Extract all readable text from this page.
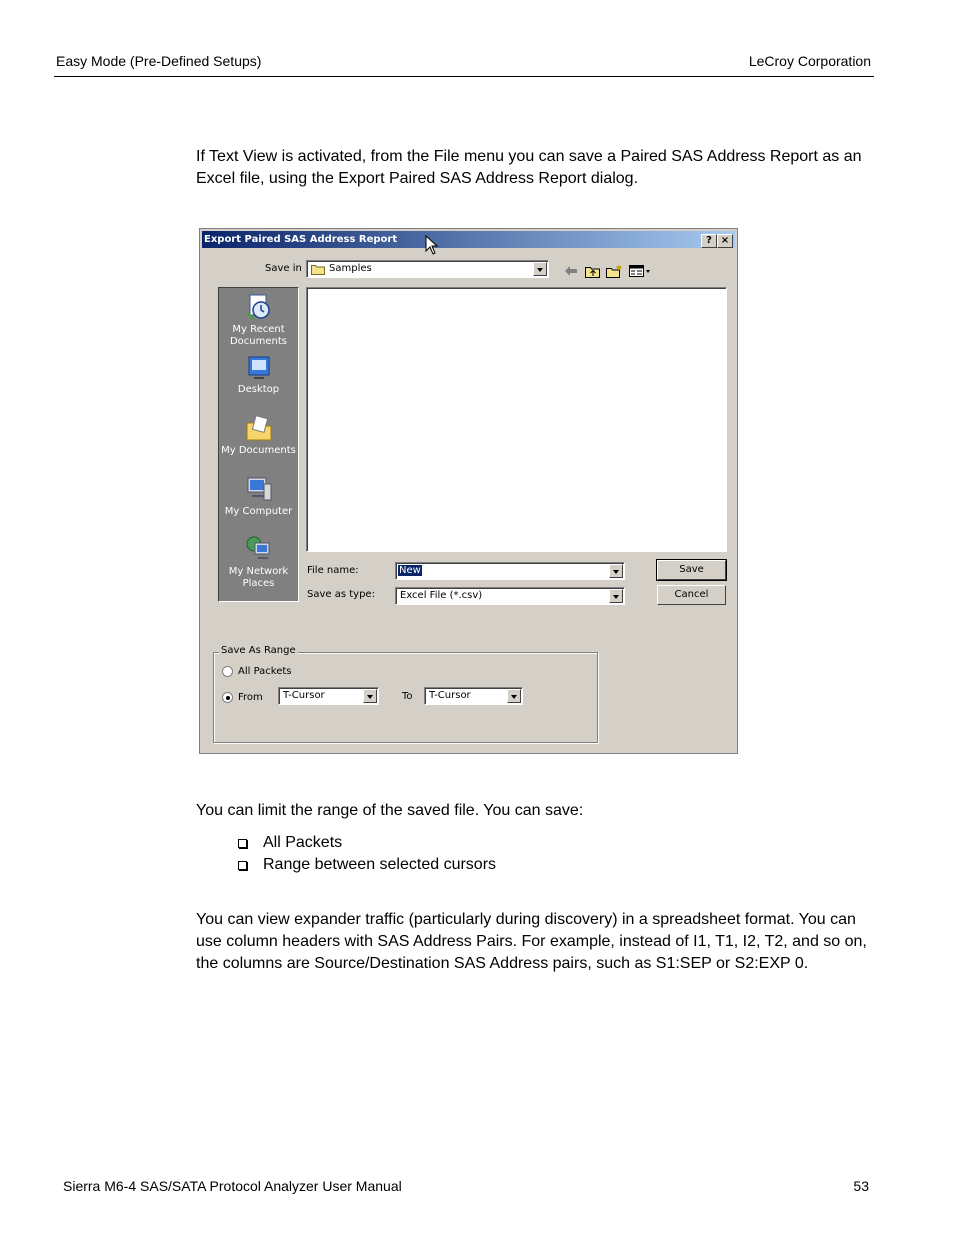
Easy Mode (Pre-Defined Setups)	LeCroy Corporation

If Text View is activated, from the File menu you can save a Paired SAS Address Report as an Excel file, using the Export Paired SAS Address Report dialog.

Export Paired SAS Address Report	? ×
Save in	Samples
My Recent Documents
Desktop
My Documents
My Computer
My Network Places
File name:	New
Save as type:	Excel File (*.csv)
Save
Cancel
Save As Range
All Packets
From T-Cursor	To T-Cursor

You can limit the range of the saved file. You can save:

All Packets
Range between selected cursors

You can view expander traffic (particularly during discovery) in a spreadsheet format. You can use column headers with SAS Address Pairs. For example, instead of I1, T1, I2, T2, and so on, the columns are Source/Destination SAS Address pairs, such as S1:SEP or S2:EXP 0.

Sierra M6-4 SAS/SATA Protocol Analyzer User Manual	53
